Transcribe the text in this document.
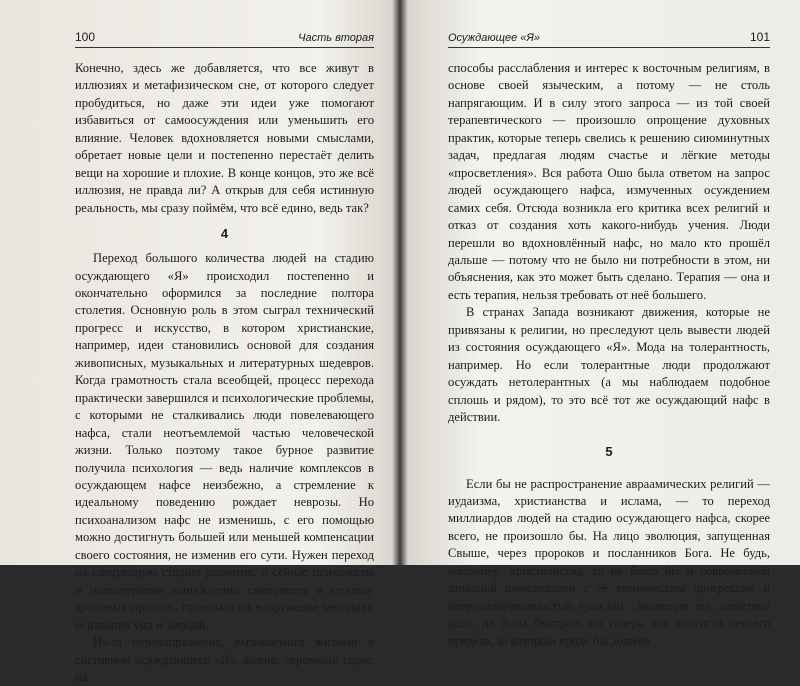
100	Часть вторая

Конечно, здесь же добавляется, что все живут в иллюзиях и метафизическом сне, от которого следует пробудиться, но даже эти идеи уже помогают избавиться от самоосуждения или уменьшить его влияние. Человек вдохновляется новыми смыслами, обретает новые цели и постепенно перестаёт делить вещи на хорошие и плохие. В конце концов, это же всё иллюзия, не правда ли? А открыв для себя истинную реальность, мы сразу поймём, что всё едино, ведь так?

4

Переход большого количества людей на стадию осуждающего «Я» происходил постепенно и окончательно оформился за последние полтора столетия. Основную роль в этом сыграл технический прогресс и искусство, в котором христианские, например, идеи становились основой для создания живописных, музыкальных и литературных шедевров. Когда грамотность стала всеобщей, процесс перехода практически завершился и психологические проблемы, с которыми не сталкивались люди повелевающего нафса, стали неотъемлемой частью человеческой жизни. Только поэтому такое бурное развитие получила психология — ведь наличие комплексов в осуждающем нафсе неизбежно, а стремление к идеальному поведению рождает неврозы. Но психоанализом нафс не изменишь, с его помощью можно достигнуть большей или меньшей компенсации своего состояния, не изменив его сути. Нужен переход на следующую стадию развития, и сейчас психология и психотерапия вынужденно смещаются в сторону духовных практик, принимая на вооружение методики осознания ума и эмоций.

Из-за перенапряжения, вызываемого жизнью в состоянии осуждающего «Я», возник огромный спрос на

Осуждающее «Я»	101

способы расслабления и интерес к восточным религиям, в основе своей языческим, а потому — не столь напрягающим. И в силу этого запроса — из той своей терапевтического — произошло опрощение духовных практик, которые теперь свелись к решению сиюминутных задач, предлагая людям счастье и лёгкие методы «просветления». Вся работа Ошо была ответом на запрос людей осуждающего нафса, измученных осуждением самих себя. Отсюда возникла его критика всех религий и отказ от создания хоть какого-нибудь учения. Люди перешли во вдохновлённый нафс, но мало кто прошёл дальше — потому что не было ни потребности в этом, ни объяснения, как это может быть сделано. Терапия — она и есть терапия, нельзя требовать от неё большего.

В странах Запада возникают движения, которые не привязаны к религии, но преследуют цель вывести людей из состояния осуждающего «Я». Мода на толерантность, например. Но если толерантные люди продолжают осуждать нетолерантных (а мы наблюдаем подобное сплошь и рядом), то это всё тот же осуждающий нафс в действии.

5

Если бы не распространение авраамических религий — иудаизма, христианства и ислама, — то переход миллиардов людей на стадию осуждающего нафса, скорее всего, не произошло бы. На лицо эволюция, запущенная Свыше, через пророков и посланников Бога. Не будь, например, христианства, то не было бы и современной западной цивилизации с её техническим прогрессом и невротизированностью граждан. Эволюция эта, понятное дело, не была быстрой, но теперь она достигла некоего предела, за которым вроде бы должен
